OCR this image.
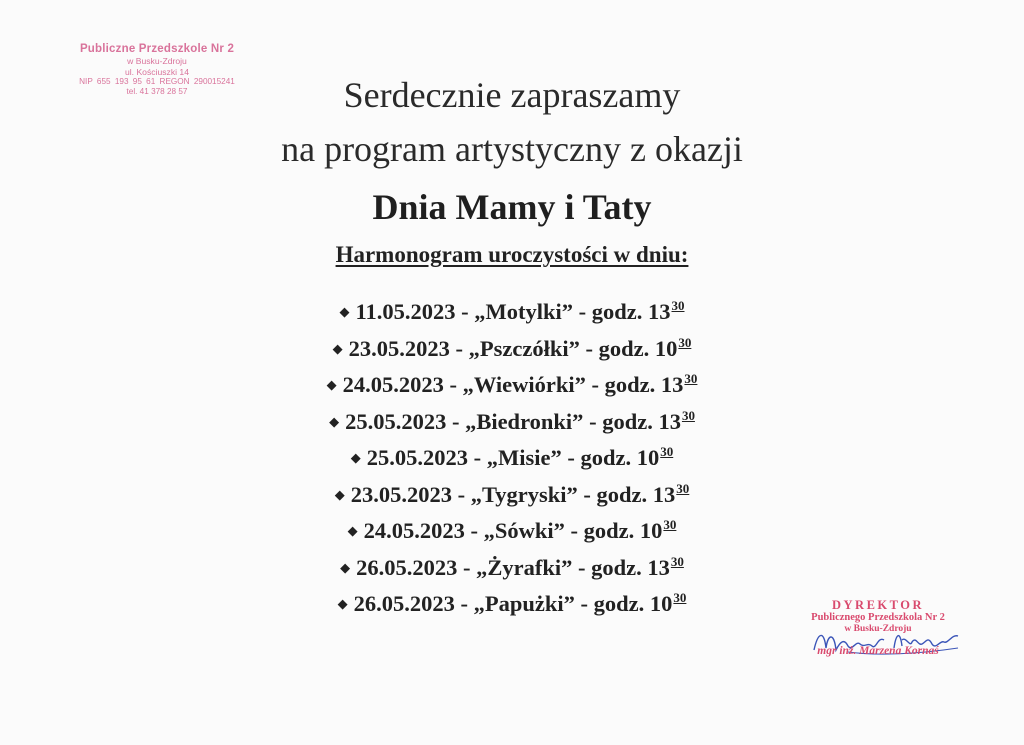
Publiczne Przedszkole Nr 2
w Busku-Zdroju
ul. Kościuszki 14
NIP 655 193 95 61 REGON 290015241
tel. 41 378 28 57	Serdecznie zapraszamy
na program artystyczny z okazji
Dnia Mamy i Taty
Harmonogram uroczystości w dniu:
◆ 11.05.2023 - „Motylki” - godz. $13^{30}$
◆ 23.05.2023 - „Pszczółki” - godz. $10^{30}$
◆ 24.05.2023 - „Wiewiórki” - godz. $13^{30}$
◆ 25.05.2023 - „Biedronki” - godz. $13^{30}$
◆ 25.05.2023 - „Misie” - godz. $10^{30}$
◆ 23.05.2023 - „Tygryski” - godz. $13^{30}$
◆ 24.05.2023 - „Sówki” - godz. $10^{30}$
◆ 26.05.2023 - „Żyrafki” - godz. $13^{30}$
◆ 26.05.2023 - „Papużki” - godz. $10^{30}$	DYREKTOR
Publicznego Przedszkola Nr 2
w Busku-Zdroju
mgr inż. Marzena Kornaś
